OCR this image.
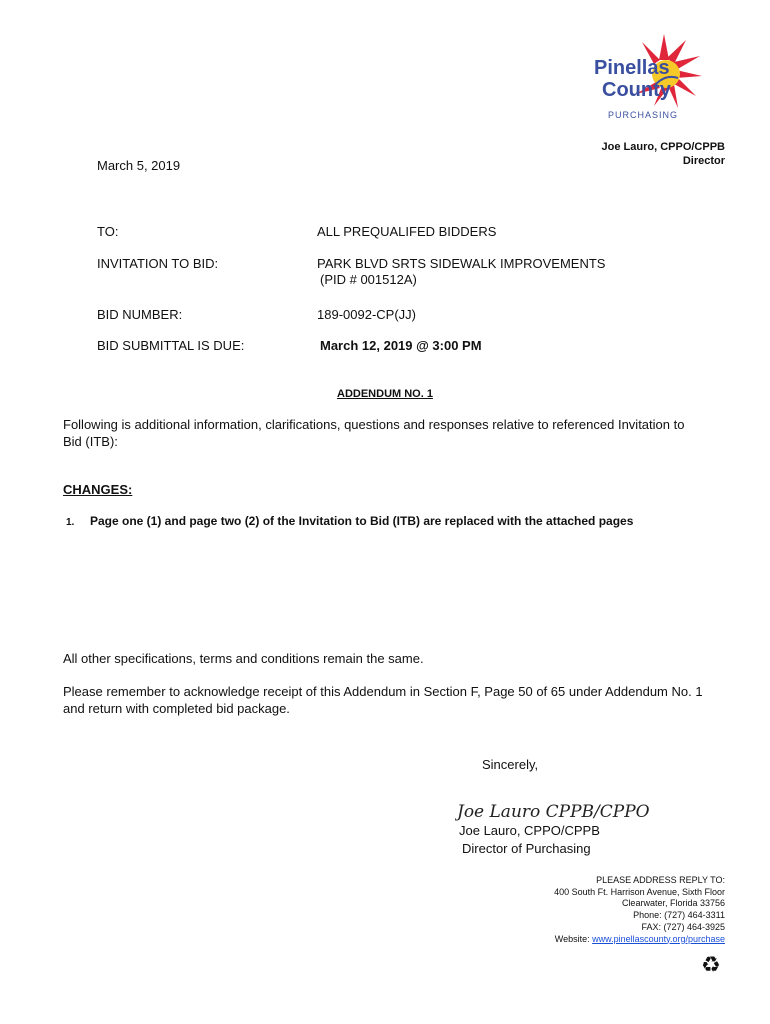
Pinellas
County
PURCHASING
Joe Lauro, CPPO/CPPB
Director
March 5, 2019
TO:	ALL PREQUALIFED BIDDERS
INVITATION TO BID:	PARK BLVD SRTS SIDEWALK IMPROVEMENTS
(PID # 001512A)
BID NUMBER:	189-0092-CP(JJ)
BID SUBMITTAL IS DUE:	March 12, 2019 @ 3:00 PM
ADDENDUM NO. 1
Following is additional information, clarifications, questions and responses relative to referenced Invitation to
Bid (ITB):
CHANGES:
1. Page one (1) and page two (2) of the Invitation to Bid (ITB) are replaced with the attached pages
All other specifications, terms and conditions remain the same.
Please remember to acknowledge receipt of this Addendum in Section F, Page 50 of 65 under Addendum No. 1
and return with completed bid package.
Sincerely,
Joe Lauro CPPB/CPPO
Joe Lauro, CPPO/CPPB
Director of Purchasing
PLEASE ADDRESS REPLY TO:
400 South Ft. Harrison Avenue, Sixth Floor
Clearwater, Florida 33756
Phone: (727) 464-3311
FAX: (727) 464-3925
Website: www.pinellascounty.org/purchase
♻
